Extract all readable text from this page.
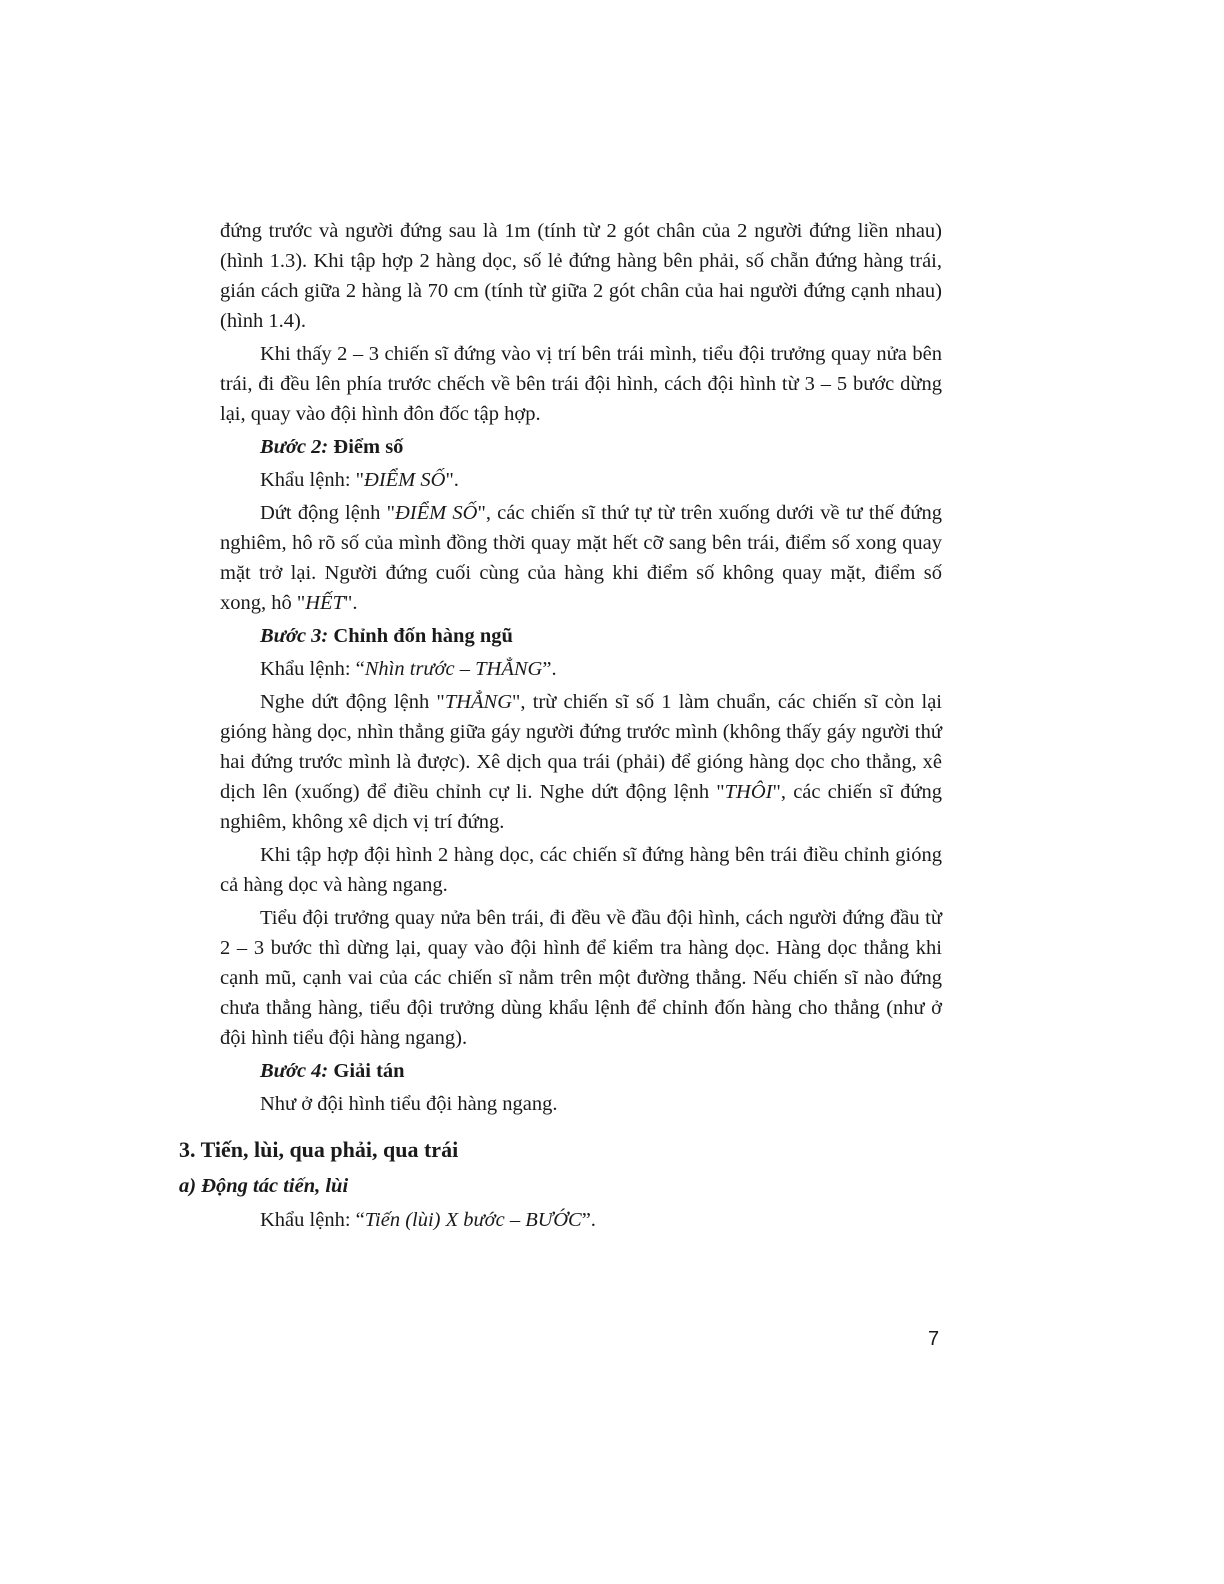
đứng trước và người đứng sau là 1m (tính từ 2 gót chân của 2 người đứng liền nhau) (hình 1.3). Khi tập hợp 2 hàng dọc, số lẻ đứng hàng bên phải, số chẵn đứng hàng trái, gián cách giữa 2 hàng là 70 cm (tính từ giữa 2 gót chân của hai người đứng cạnh nhau) (hình 1.4).

Khi thấy 2 – 3 chiến sĩ đứng vào vị trí bên trái mình, tiểu đội trưởng quay nửa bên trái, đi đều lên phía trước chếch về bên trái đội hình, cách đội hình từ 3 – 5 bước dừng lại, quay vào đội hình đôn đốc tập hợp.

Bước 2: Điểm số

Khẩu lệnh: "ĐIỂM SỐ".

Dứt động lệnh "ĐIỂM SỐ", các chiến sĩ thứ tự từ trên xuống dưới về tư thế đứng nghiêm, hô rõ số của mình đồng thời quay mặt hết cỡ sang bên trái, điểm số xong quay mặt trở lại. Người đứng cuối cùng của hàng khi điểm số không quay mặt, điểm số xong, hô "HẾT".

Bước 3: Chỉnh đốn hàng ngũ

Khẩu lệnh: “Nhìn trước – THẲNG”.

Nghe dứt động lệnh "THẲNG", trừ chiến sĩ số 1 làm chuẩn, các chiến sĩ còn lại gióng hàng dọc, nhìn thẳng giữa gáy người đứng trước mình (không thấy gáy người thứ hai đứng trước mình là được). Xê dịch qua trái (phải) để gióng hàng dọc cho thẳng, xê dịch lên (xuống) để điều chỉnh cự li. Nghe dứt động lệnh "THÔI", các chiến sĩ đứng nghiêm, không xê dịch vị trí đứng.

Khi tập hợp đội hình 2 hàng dọc, các chiến sĩ đứng hàng bên trái điều chỉnh gióng cả hàng dọc và hàng ngang.

Tiểu đội trưởng quay nửa bên trái, đi đều về đầu đội hình, cách người đứng đầu từ 2 – 3 bước thì dừng lại, quay vào đội hình để kiểm tra hàng dọc. Hàng dọc thẳng khi cạnh mũ, cạnh vai của các chiến sĩ nằm trên một đường thẳng. Nếu chiến sĩ nào đứng chưa thẳng hàng, tiểu đội trưởng dùng khẩu lệnh để chỉnh đốn hàng cho thẳng (như ở đội hình tiểu đội hàng ngang).

Bước 4: Giải tán

Như ở đội hình tiểu đội hàng ngang.

3. Tiến, lùi, qua phải, qua trái

a) Động tác tiến, lùi

Khẩu lệnh: “Tiến (lùi) X bước – BƯỚC”.

7
